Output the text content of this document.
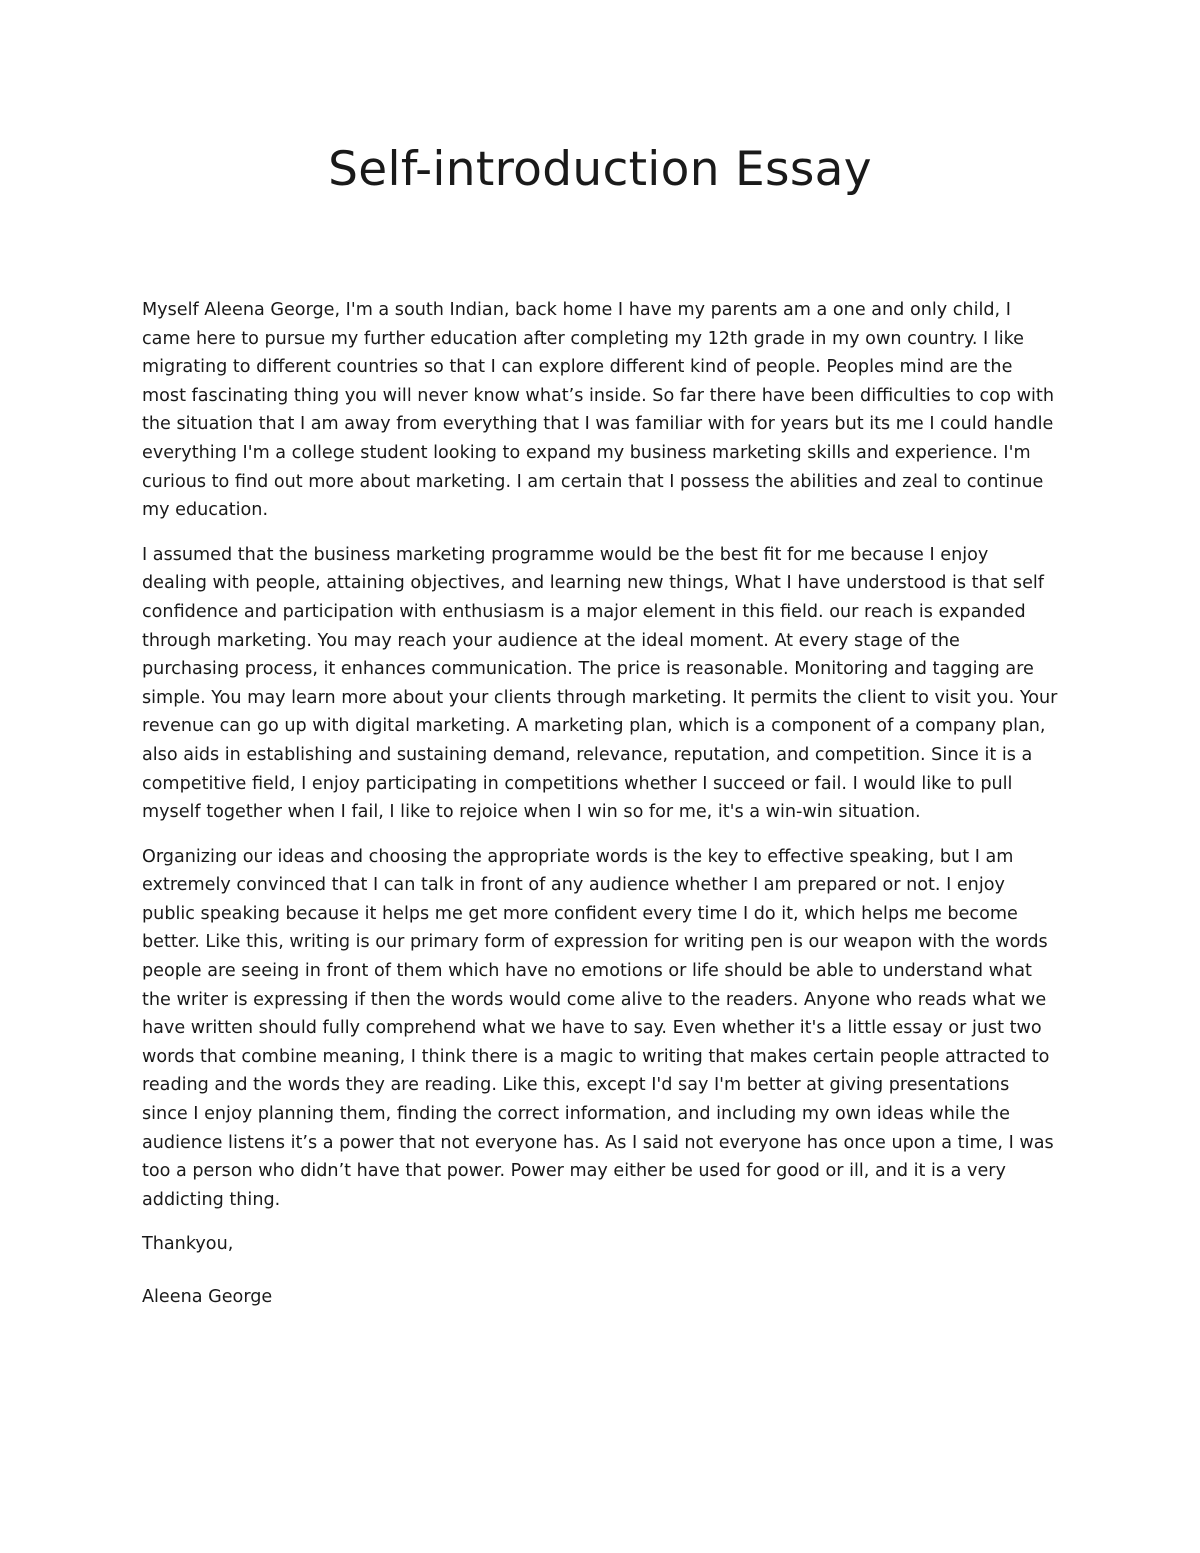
Self-introduction Essay

Myself Aleena George, I'm a south Indian, back home I have my parents am a one and only child, I came here to pursue my further education after completing my 12th grade in my own country. I like migrating to different countries so that I can explore different kind of people. Peoples mind are the most fascinating thing you will never know what’s inside. So far there have been difficulties to cop with the situation that I am away from everything that I was familiar with for years but its me I could handle everything I'm a college student looking to expand my business marketing skills and experience. I'm curious to find out more about marketing. I am certain that I possess the abilities and zeal to continue my education.

I assumed that the business marketing programme would be the best fit for me because I enjoy dealing with people, attaining objectives, and learning new things, What I have understood is that self confidence and participation with enthusiasm is a major element in this field. our reach is expanded through marketing. You may reach your audience at the ideal moment. At every stage of the purchasing process, it enhances communication. The price is reasonable. Monitoring and tagging are simple. You may learn more about your clients through marketing. It permits the client to visit you. Your revenue can go up with digital marketing. A marketing plan, which is a component of a company plan, also aids in establishing and sustaining demand, relevance, reputation, and competition. Since it is a competitive field, I enjoy participating in competitions whether I succeed or fail. I would like to pull myself together when I fail, I like to rejoice when I win so for me, it's a win-win situation.

Organizing our ideas and choosing the appropriate words is the key to effective speaking, but I am extremely convinced that I can talk in front of any audience whether I am prepared or not. I enjoy public speaking because it helps me get more confident every time I do it, which helps me become better. Like this, writing is our primary form of expression for writing pen is our weapon with the words people are seeing in front of them which have no emotions or life should be able to understand what the writer is expressing if then the words would come alive to the readers. Anyone who reads what we have written should fully comprehend what we have to say. Even whether it's a little essay or just two words that combine meaning, I think there is a magic to writing that makes certain people attracted to reading and the words they are reading. Like this, except I'd say I'm better at giving presentations since I enjoy planning them, finding the correct information, and including my own ideas while the audience listens it’s a power that not everyone has. As I said not everyone has once upon a time, I was too a person who didn’t have that power. Power may either be used for good or ill, and it is a very addicting thing.

Thankyou,

Aleena George
